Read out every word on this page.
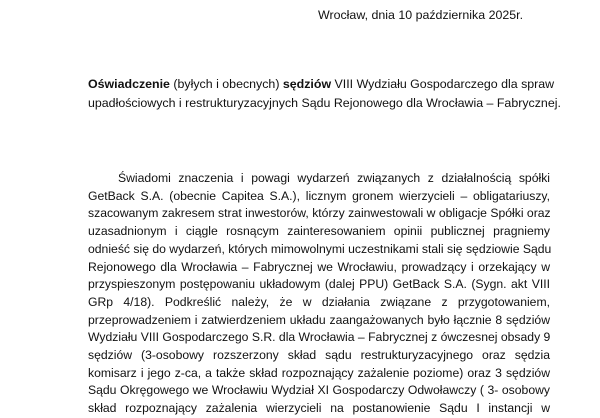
Wrocław, dnia 10 października 2025r.
Oświadczenie (byłych i obecnych) sędziów VIII Wydziału Gospodarczego dla spraw
upadłościowych i restrukturyzacyjnych Sądu Rejonowego dla Wrocławia – Fabrycznej.
Świadomi znaczenia i powagi wydarzeń związanych z działalnością spółki
GetBack S.A. (obecnie Capitea S.A.), licznym gronem wierzycieli – obligatariuszy,
szacowanym zakresem strat inwestorów, którzy zainwestowali w obligacje Spółki oraz
uzasadnionym i ciągle rosnącym zainteresowaniem opinii publicznej pragniemy
odnieść się do wydarzeń, których mimowolnymi uczestnikami stali się sędziowie Sądu
Rejonowego dla Wrocławia – Fabrycznej we Wrocławiu, prowadzący i orzekający w
przyspieszonym postępowaniu układowym (dalej PPU) GetBack S.A. (Sygn. akt VIII
GRp 4/18). Podkreślić należy, że w działania związane z przygotowaniem,
przeprowadzeniem i zatwierdzeniem układu zaangażowanych było łącznie 8 sędziów
Wydziału VIII Gospodarczego S.R. dla Wrocławia – Fabrycznej z ówczesnej obsady 9
sędziów (3-osobowy rozszerzony skład sądu restrukturyzacyjnego oraz sędzia
komisarz i jego z-ca, a także skład rozpoznający zażalenie poziome) oraz 3 sędziów
Sądu Okręgowego we Wrocławiu Wydział XI Gospodarczy Odwoławczy ( 3- osobowy
skład rozpoznający zażalenia wierzycieli na postanowienie Sądu I instancji w
